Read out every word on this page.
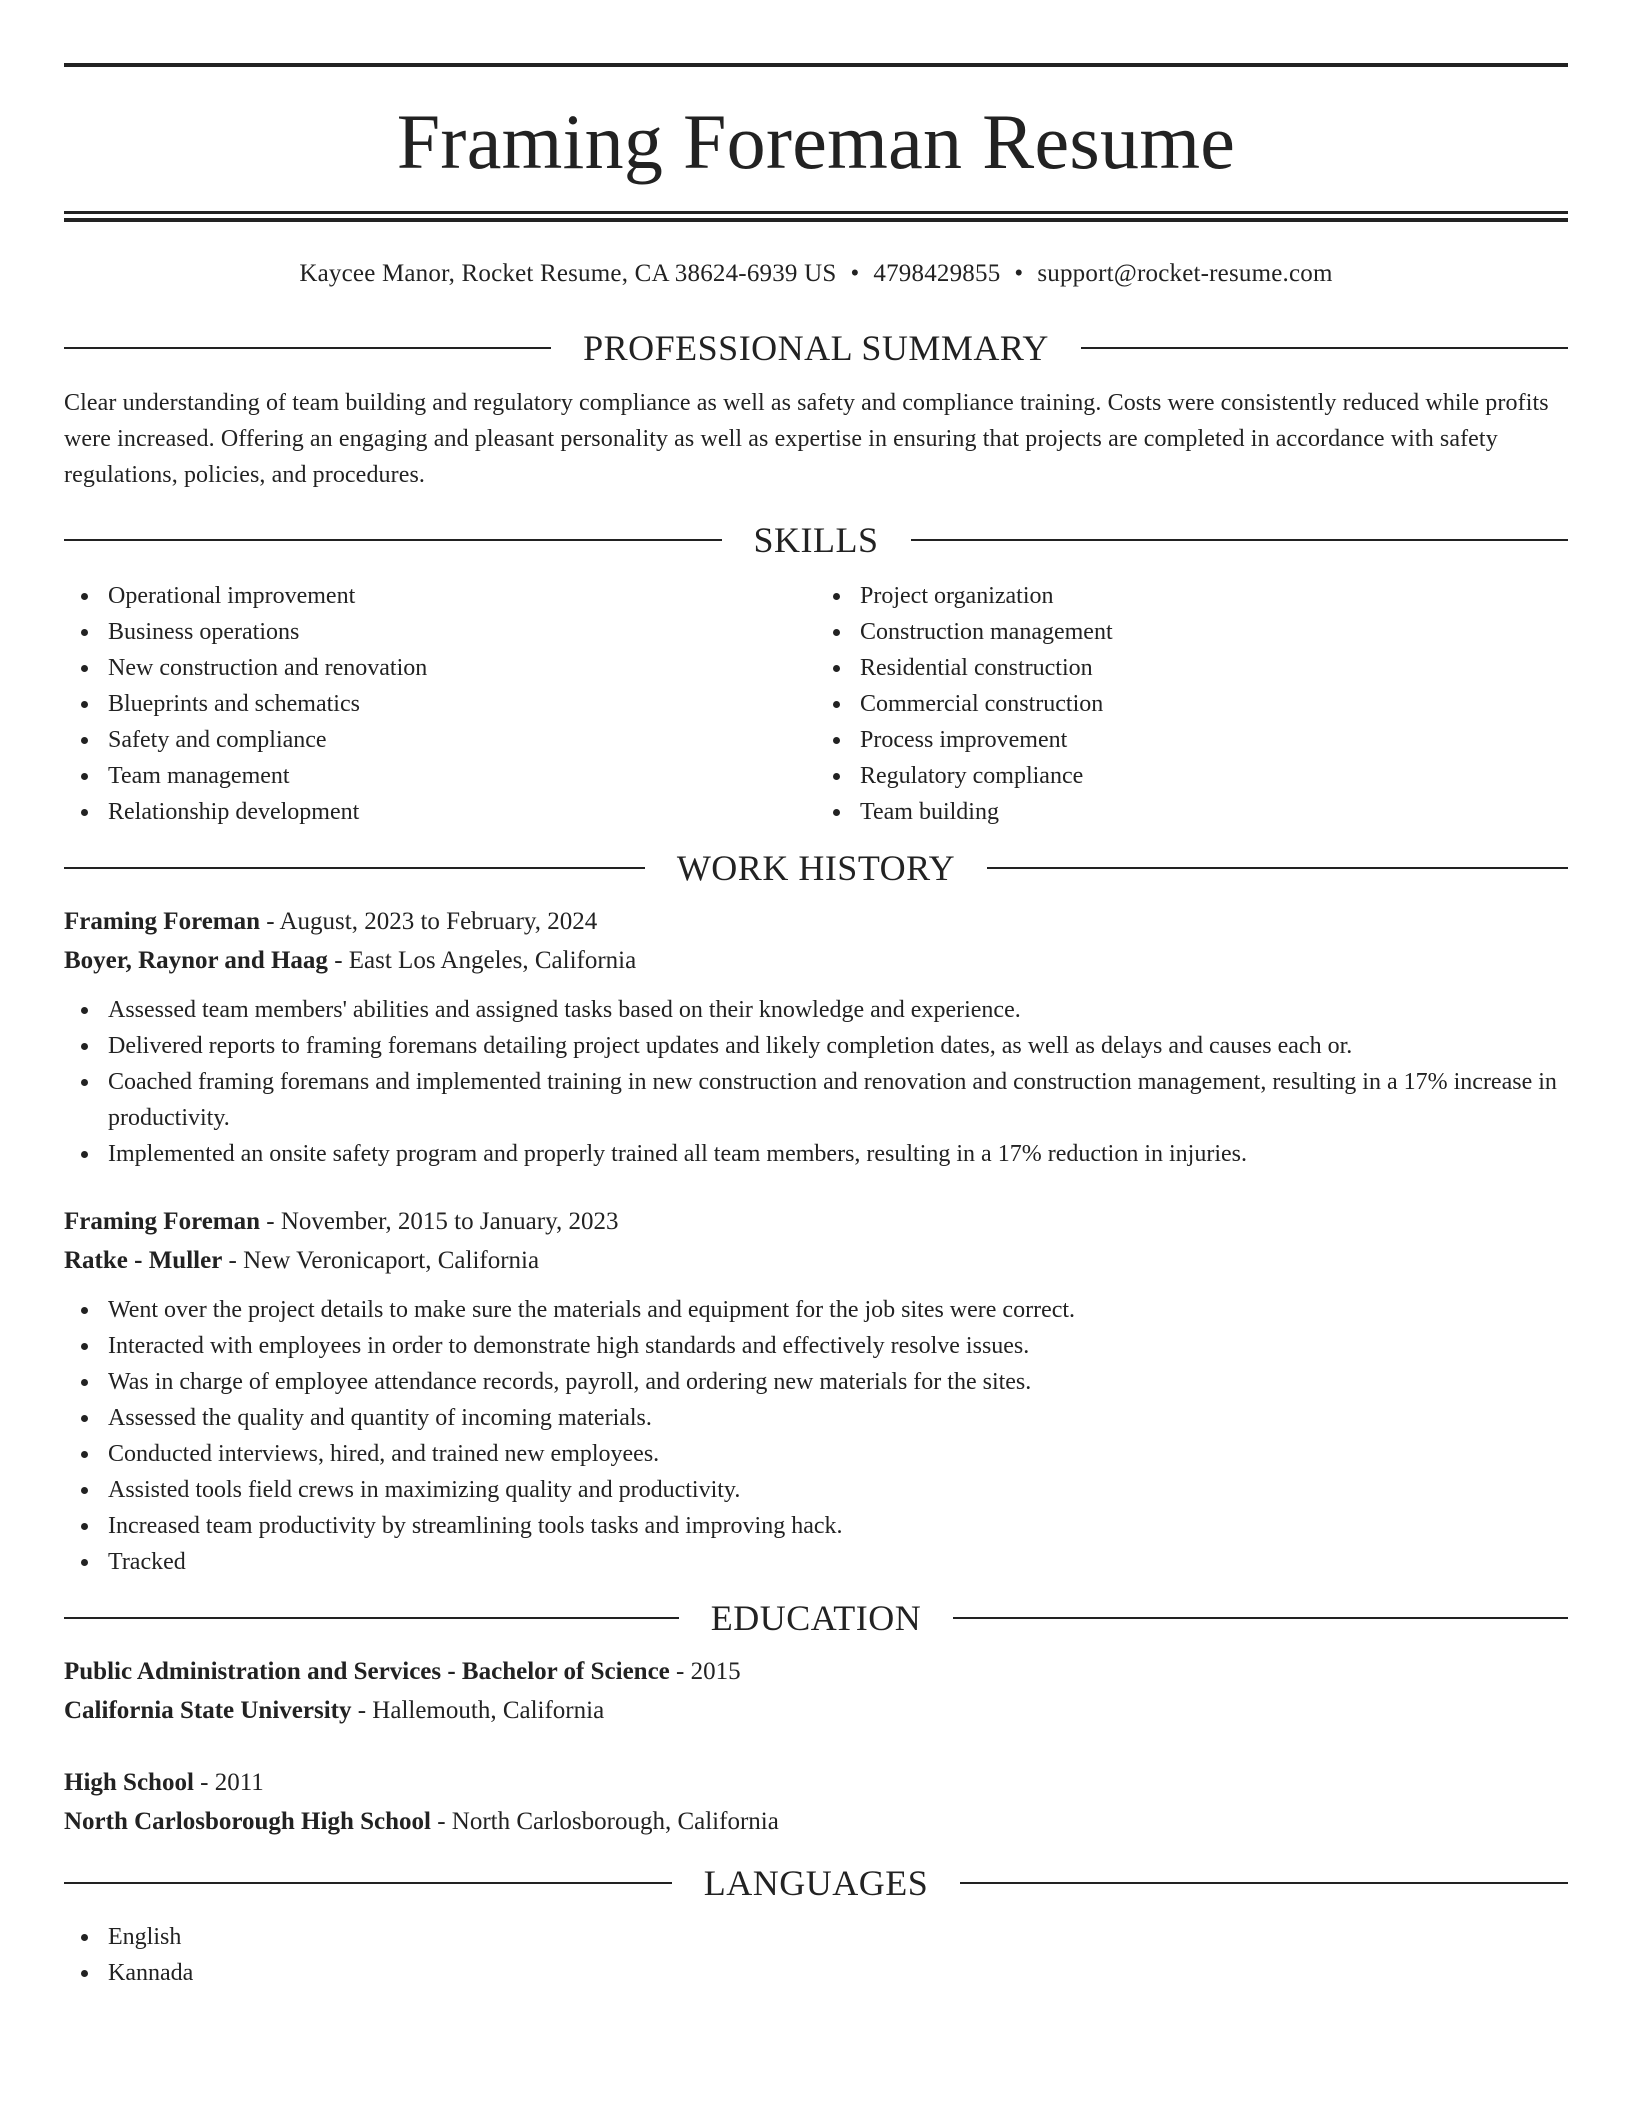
Framing Foreman Resume
Kaycee Manor, Rocket Resume, CA 38624-6939 US • 4798429855 • support@rocket-resume.com
PROFESSIONAL SUMMARY
Clear understanding of team building and regulatory compliance as well as safety and compliance training. Costs were consistently reduced while profits were increased. Offering an engaging and pleasant personality as well as expertise in ensuring that projects are completed in accordance with safety regulations, policies, and procedures.
SKILLS
Operational improvement
Business operations
New construction and renovation
Blueprints and schematics
Safety and compliance
Team management
Relationship development
Project organization
Construction management
Residential construction
Commercial construction
Process improvement
Regulatory compliance
Team building
WORK HISTORY
Framing Foreman - August, 2023 to February, 2024
Boyer, Raynor and Haag - East Los Angeles, California
Assessed team members' abilities and assigned tasks based on their knowledge and experience.
Delivered reports to framing foremans detailing project updates and likely completion dates, as well as delays and causes each or.
Coached framing foremans and implemented training in new construction and renovation and construction management, resulting in a 17% increase in productivity.
Implemented an onsite safety program and properly trained all team members, resulting in a 17% reduction in injuries.
Framing Foreman - November, 2015 to January, 2023
Ratke - Muller - New Veronicaport, California
Went over the project details to make sure the materials and equipment for the job sites were correct.
Interacted with employees in order to demonstrate high standards and effectively resolve issues.
Was in charge of employee attendance records, payroll, and ordering new materials for the sites.
Assessed the quality and quantity of incoming materials.
Conducted interviews, hired, and trained new employees.
Assisted tools field crews in maximizing quality and productivity.
Increased team productivity by streamlining tools tasks and improving hack.
Tracked
EDUCATION
Public Administration and Services - Bachelor of Science - 2015
California State University - Hallemouth, California
High School - 2011
North Carlosborough High School - North Carlosborough, California
LANGUAGES
English
Kannada
